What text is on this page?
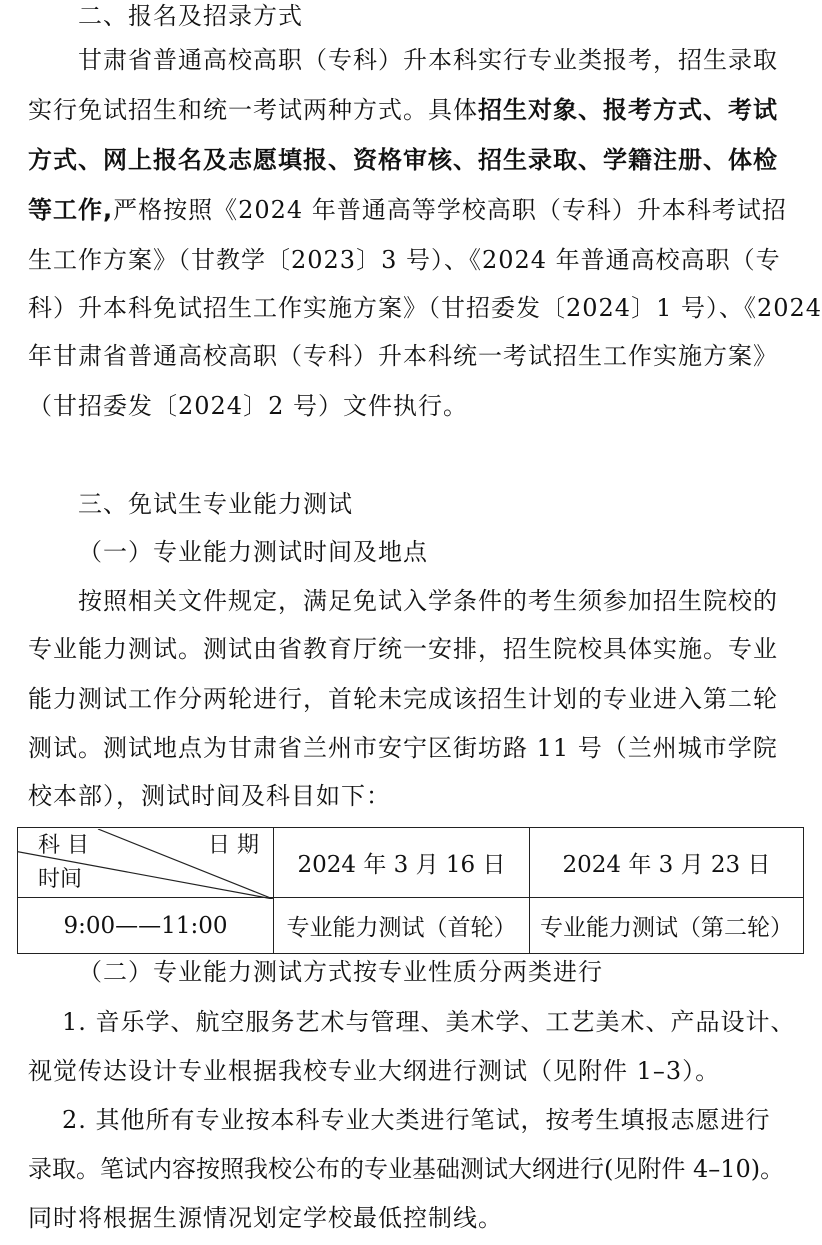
二、报名及招录方式
甘肃省普通高校高职（专科）升本科实行专业类报考，招生录取
实行免试招生和统一考试两种方式。具体招生对象、报考方式、考试
方式、网上报名及志愿填报、资格审核、招生录取、学籍注册、体检
等工作,严格按照《2024 年普通高等学校高职（专科）升本科考试招
生工作方案》（甘教学〔2023〕3 号）、《2024 年普通高校高职（专
科）升本科免试招生工作实施方案》（甘招委发〔2024〕1 号）、《2024
年甘肃省普通高校高职（专科）升本科统一考试招生工作实施方案》
（甘招委发〔2024〕2 号）文件执行。
三、免试生专业能力测试
（一）专业能力测试时间及地点
按照相关文件规定，满足免试入学条件的考生须参加招生院校的
专业能力测试。测试由省教育厅统一安排，招生院校具体实施。专业
能力测试工作分两轮进行，首轮未完成该招生计划的专业进入第二轮
测试。测试地点为甘肃省兰州市安宁区街坊路 11 号（兰州城市学院
校本部），测试时间及科目如下：
科 目 日 期
时间	2024 年 3 月 16 日	2024 年 3 月 23 日
9:00——11:00	专业能力测试（首轮）	专业能力测试（第二轮）
（二）专业能力测试方式按专业性质分两类进行
1. 音乐学、航空服务艺术与管理、美术学、工艺美术、产品设计、
视觉传达设计专业根据我校专业大纲进行测试（见附件 1–3）。
2. 其他所有专业按本科专业大类进行笔试，按考生填报志愿进行
录取。笔试内容按照我校公布的专业基础测试大纲进行(见附件 4–10)。
同时将根据生源情况划定学校最低控制线。
